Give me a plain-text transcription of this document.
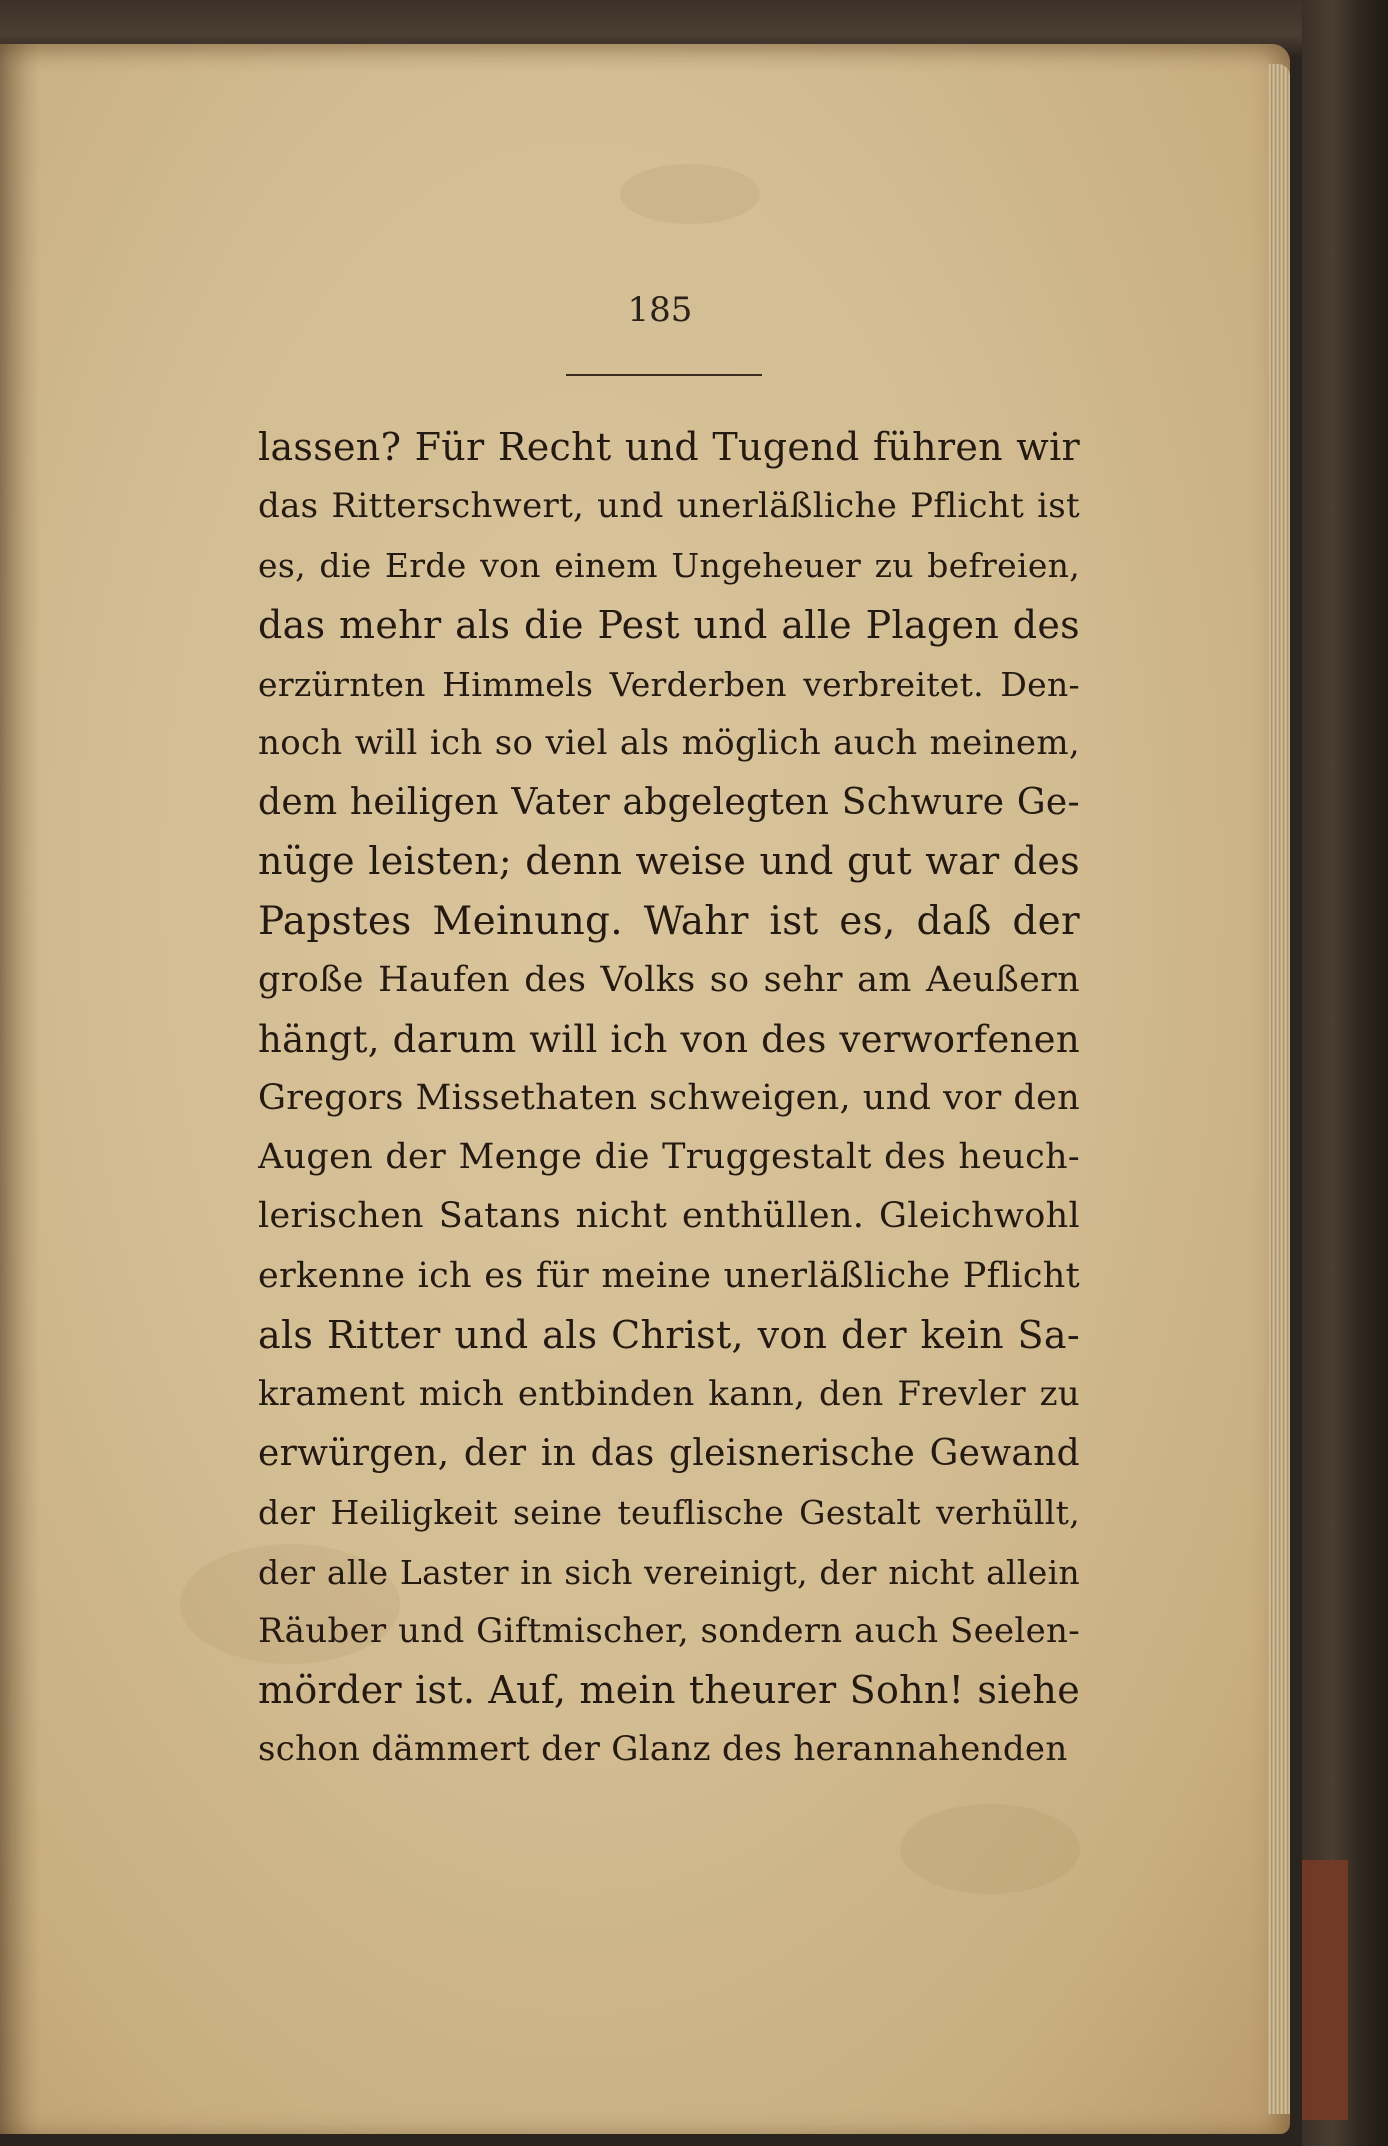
185
lassen? Für Recht und Tugend führen wir
das Ritterschwert, und unerläßliche Pflicht ist
es, die Erde von einem Ungeheuer zu befreien,
das mehr als die Pest und alle Plagen des
erzürnten Himmels Verderben verbreitet. Den-
noch will ich so viel als möglich auch meinem,
dem heiligen Vater abgelegten Schwure Ge-
nüge leisten; denn weise und gut war des
Papstes Meinung. Wahr ist es, daß der
große Haufen des Volks so sehr am Aeußern
hängt, darum will ich von des verworfenen
Gregors Missethaten schweigen, und vor den
Augen der Menge die Truggestalt des heuch-
lerischen Satans nicht enthüllen. Gleichwohl
erkenne ich es für meine unerläßliche Pflicht
als Ritter und als Christ, von der kein Sa-
krament mich entbinden kann, den Frevler zu
erwürgen, der in das gleisnerische Gewand
der Heiligkeit seine teuflische Gestalt verhüllt,
der alle Laster in sich vereinigt, der nicht allein
Räuber und Giftmischer, sondern auch Seelen-
mörder ist. Auf, mein theurer Sohn! siehe
schon dämmert der Glanz des herannahenden
